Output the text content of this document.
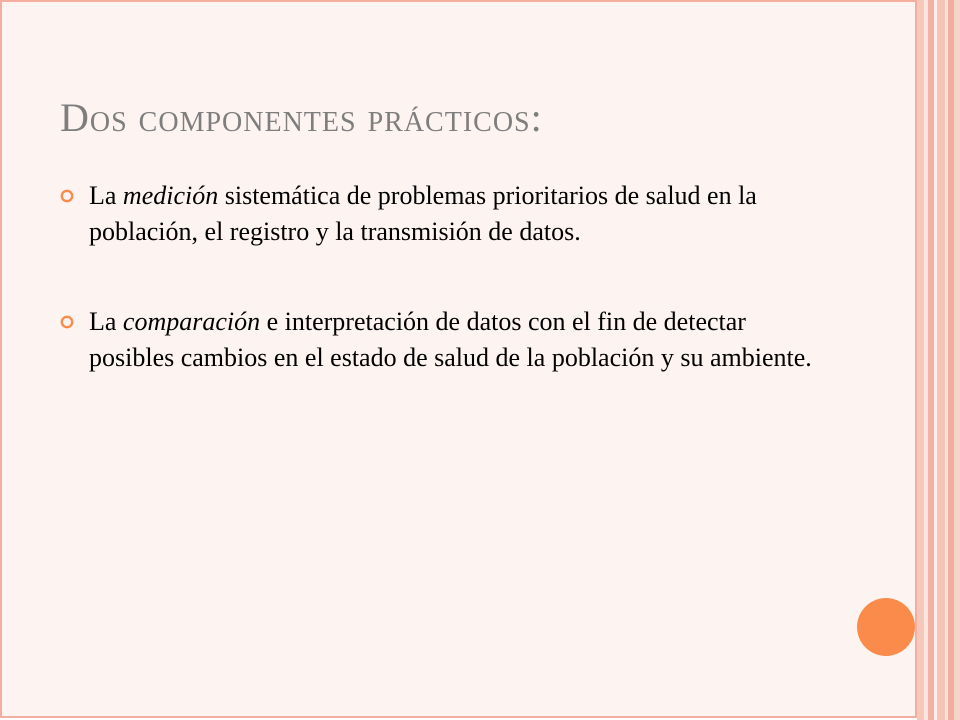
Dos componentes prácticos:
La medición sistemática de problemas prioritarios de salud en la población, el registro y la transmisión de datos.
La comparación e interpretación de datos con el fin de detectar posibles cambios en el estado de salud de la población y su ambiente.
